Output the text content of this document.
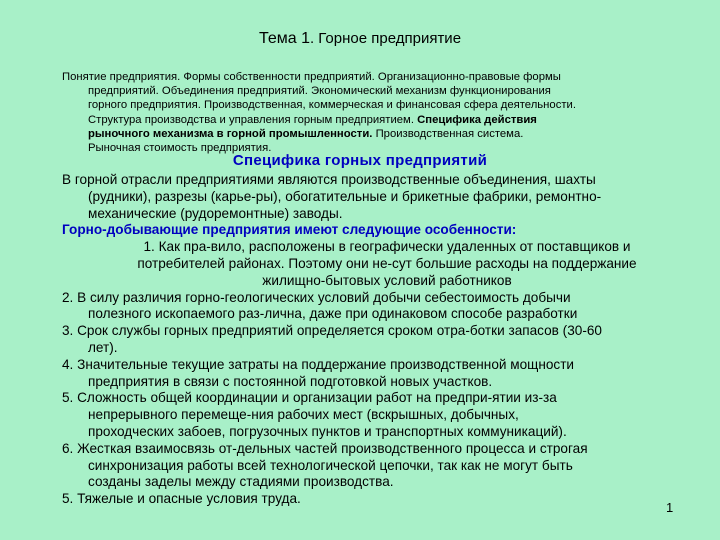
Тема 1. Горное предприятие
Понятие предприятия. Формы собственности предприятий. Организационно-правовые формы
предприятий. Объединения предприятий. Экономический механизм функционирования
горного предприятия. Производственная, коммерческая и финансовая сфера деятельности.
Структура производства и управления горным предприятием. Специфика действия
рыночного механизма в горной промышленности. Производственная система.
Рыночная стоимость предприятия.
Специфика горных предприятий
В горной отрасли предприятиями являются производственные объединения, шахты
(рудники), разрезы (карье-ры), обогатительные и брикетные фабрики, ремонтно-
механические (рудоремонтные) заводы.
Горно-добывающие предприятия имеют следующие особенности:
1. Как пра-вило, расположены в географически удаленных от поставщиков и
потребителей районах. Поэтому они не-сут большие расходы на поддержание
жилищно-бытовых условий работников
2. В силу различия горно-геологических условий добычи себестоимость добычи
полезного ископаемого раз-лична, даже при одинаковом способе разработки
3. Срок службы горных предприятий определяется сроком отра-ботки запасов (30-60
лет).
4. Значительные текущие затраты на поддержание производственной мощности
предприятия в связи с постоянной подготовкой новых участков.
5. Сложность общей координации и организации работ на предпри-ятии из-за
непрерывного перемеще-ния рабочих мест (вскрышных, добычных,
проходческих забоев, погрузочных пунктов и транспортных коммуникаций).
6. Жесткая взаимосвязь от-дельных частей производственного процесса и строгая
синхронизация работы всей технологической цепочки, так как не могут быть
созданы заделы между стадиями производства.
5. Тяжелые и опасные условия труда.
1
